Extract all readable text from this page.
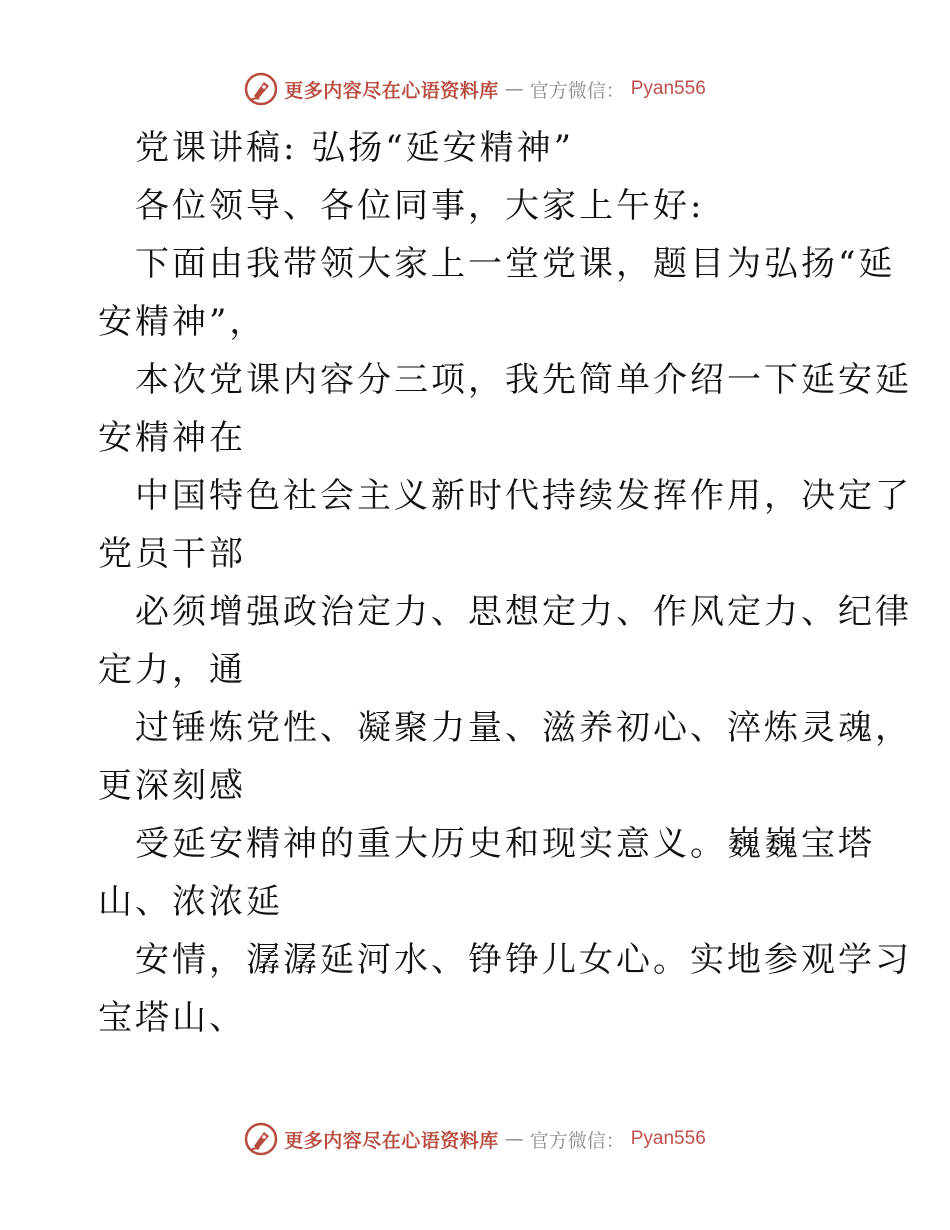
更多内容尽在心语资料库 — 官方微信： Pyan556
党课讲稿: 弘扬“延安精神”
各位领导、各位同事，大家上午好:
下面由我带领大家上一堂党课，题目为弘扬“延
安精神”，
本次党课内容分三项，我先简单介绍一下延安延
安精神在
中国特色社会主义新时代持续发挥作用，决定了
党员干部
必须增强政治定力、思想定力、作风定力、纪律
定力，通
过锤炼党性、凝聚力量、滋养初心、淬炼灵魂，
更深刻感
受延安精神的重大历史和现实意义。巍巍宝塔
山、浓浓延
安情，潺潺延河水、铮铮儿女心。实地参观学习
宝塔山、
更多内容尽在心语资料库 — 官方微信： Pyan556
